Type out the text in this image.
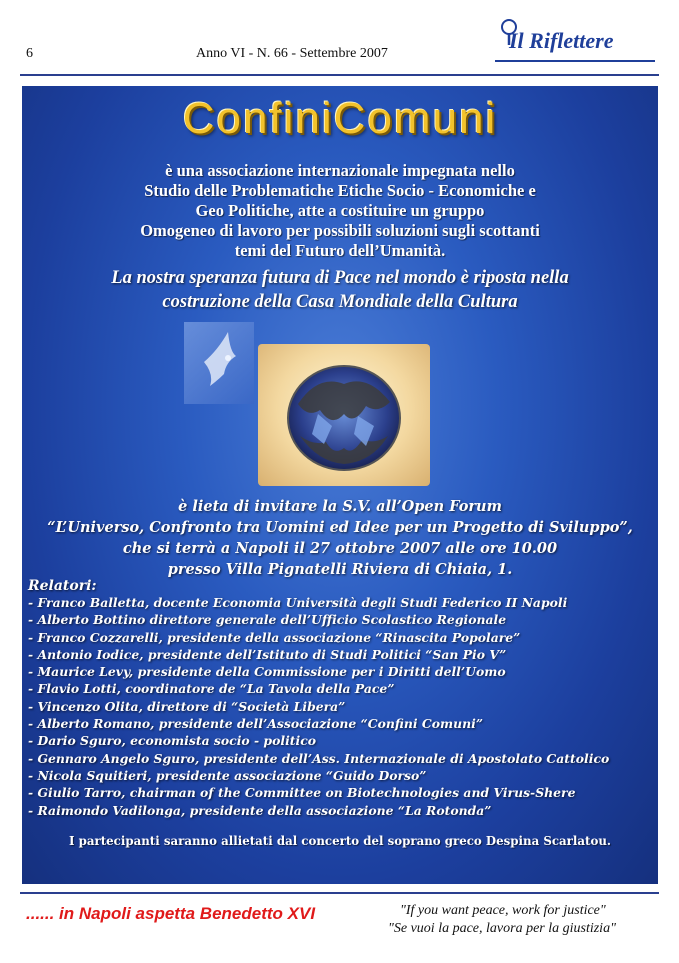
6	Anno VI - N. 66 - Settembre 2007
Il Riflettere
ConfiniComuni

è una associazione internazionale impegnata nello
Studio delle Problematiche Etiche Socio - Economiche e
Geo Politiche, atte a costituire un gruppo
Omogeneo di lavoro per possibili soluzioni sugli scottanti
temi del Futuro dell’Umanità.

La nostra speranza futura di Pace nel mondo è riposta nella
costruzione della Casa Mondiale della Cultura

è lieta di invitare la S.V. all’Open Forum
“L’Universo, Confronto tra Uomini ed Idee per un Progetto di Sviluppo”,
che si terrà a Napoli il 27 ottobre 2007 alle ore 10.00
presso Villa Pignatelli Riviera di Chiaia, 1.

Relatori:
- Franco Balletta, docente Economia Università degli Studi Federico II Napoli
- Alberto Bottino direttore generale dell’Ufficio Scolastico Regionale
- Franco Cozzarelli, presidente della associazione “Rinascita Popolare”
- Antonio Iodice, presidente dell’Istituto di Studi Politici “San Pio V”
- Maurice Levy, presidente della Commissione per i Diritti dell’Uomo
- Flavio Lotti, coordinatore de “La Tavola della Pace”
- Vincenzo Olita, direttore di “Società Libera”
- Alberto Romano, presidente dell’Associazione “Confini Comuni”
- Dario Sguro, economista socio - politico
- Gennaro Angelo Sguro, presidente dell’Ass. Internazionale di Apostolato Cattolico
- Nicola Squitieri, presidente associazione “Guido Dorso”
- Giulio Tarro, chairman of the Committee on Biotechnologies and Virus-Shere
- Raimondo Vadilonga, presidente della associazione “La Rotonda”
I partecipanti saranno allietati dal concerto del soprano greco Despina Scarlatou.
...... in Napoli aspetta Benedetto XVI	"If you want peace, work for justice"
"Se vuoi la pace, lavora per la giustizia"
